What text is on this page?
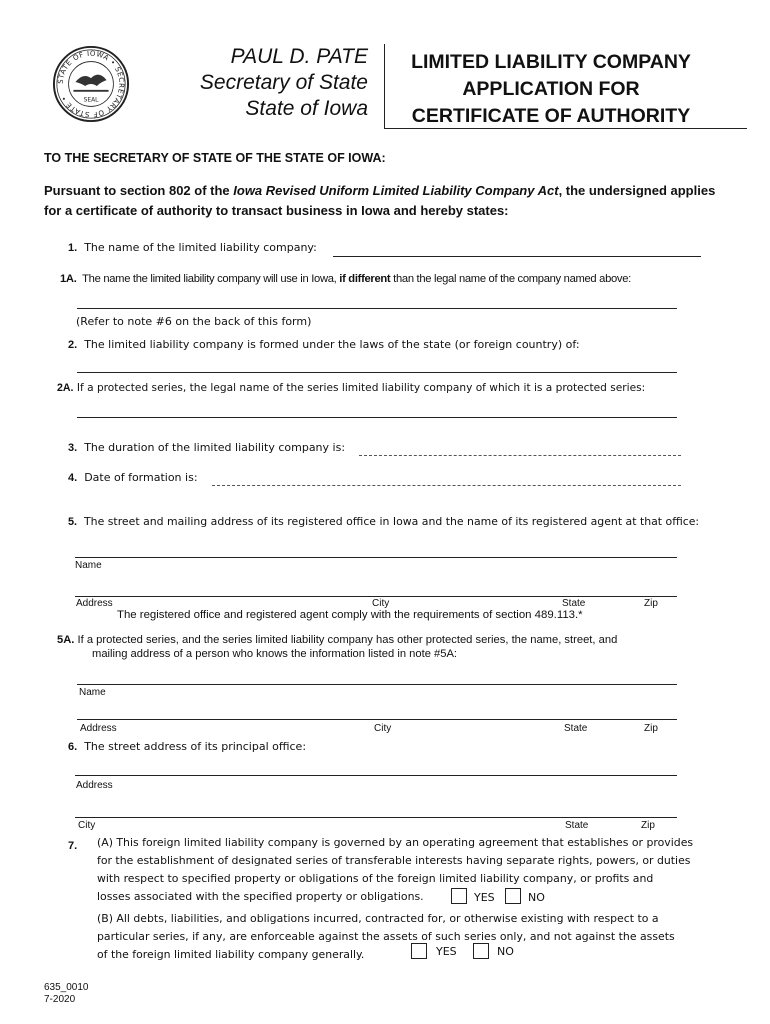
STATE OF IOWA • SECRETARY OF STATE •	SEAL
PAUL D. PATE
Secretary of State
State of Iowa
LIMITED LIABILITY COMPANY
APPLICATION FOR
CERTIFICATE OF AUTHORITY
TO THE SECRETARY OF STATE OF THE STATE OF IOWA:
Pursuant to section 802 of the Iowa Revised Uniform Limited Liability Company Act, the undersigned applies for a certificate of authority to transact business in Iowa and hereby states:
1. The name of the limited liability company:
1A. The name the limited liability company will use in Iowa, if different than the legal name of the company named above:
(Refer to note #6 on the back of this form)
2. The limited liability company is formed under the laws of the state (or foreign country) of:
2A. If a protected series, the legal name of the series limited liability company of which it is a protected series:
3. The duration of the limited liability company is:
4. Date of formation is:
5. The street and mailing address of its registered office in Iowa and the name of its registered agent at that office:
Name
Address	City	State	Zip
The registered office and registered agent comply with the requirements of section 489.113.*
5A. If a protected series, and the series limited liability company has other protected series, the name, street, and
mailing address of a person who knows the information listed in note #5A:
Name
Address	City	State	Zip
6. The street address of its principal office:
Address
City	State	Zip
7. (A) This foreign limited liability company is governed by an operating agreement that establishes or provides
for the establishment of designated series of transferable interests having separate rights, powers, or duties
with respect to specified property or obligations of the foreign limited liability company, or profits and
losses associated with the specified property or obligations.	YES	NO
(B) All debts, liabilities, and obligations incurred, contracted for, or otherwise existing with respect to a
particular series, if any, are enforceable against the assets of such series only, and not against the assets
of the foreign limited liability company generally.	YES	NO
635_0010
7-2020
